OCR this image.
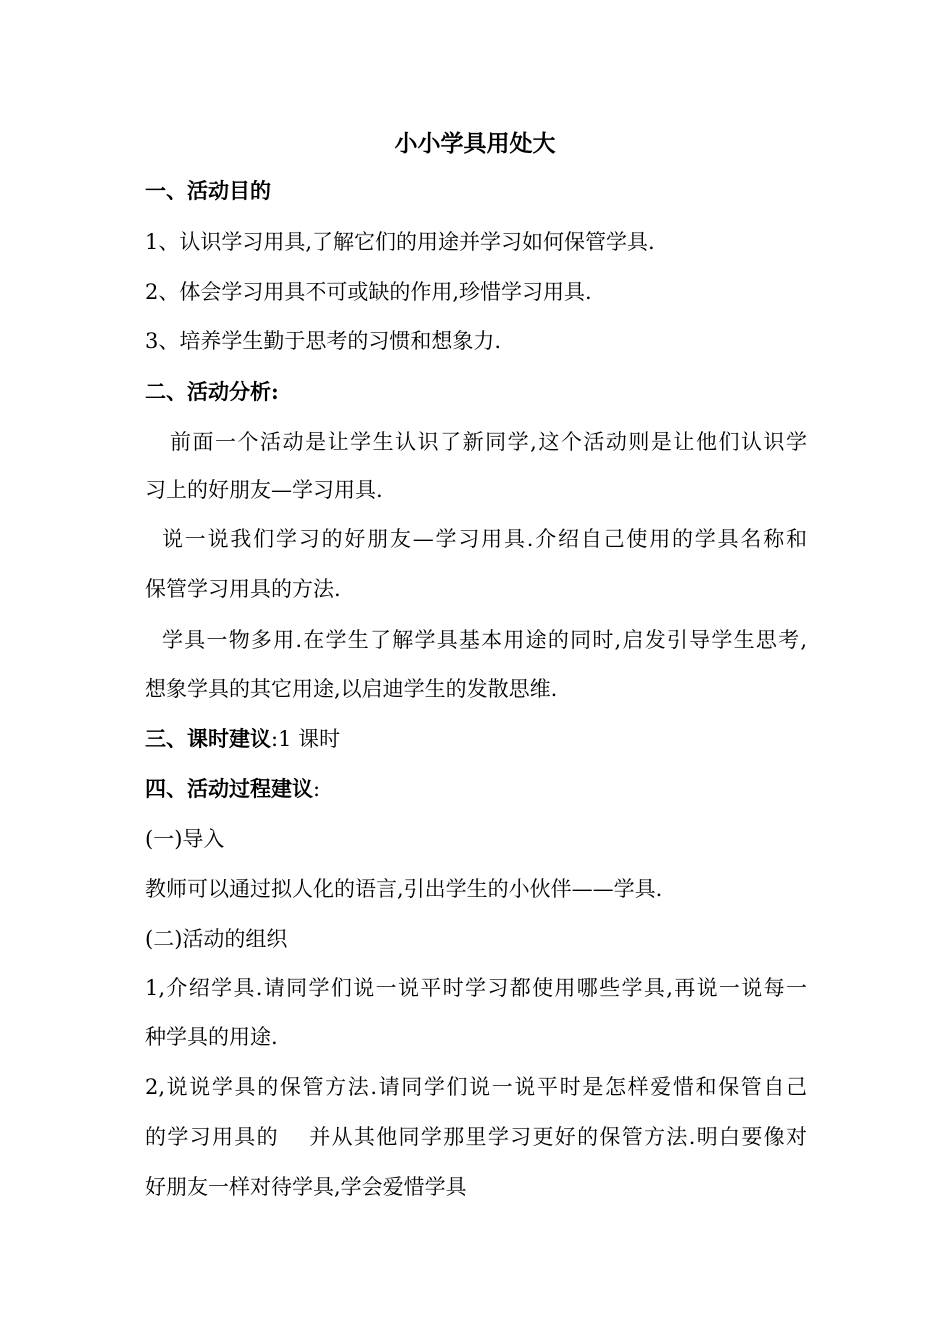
小小学具用处大
一、活动目的
1、认识学习用具,了解它们的用途并学习如何保管学具.
2、体会学习用具不可或缺的作用,珍惜学习用具.
3、培养学生勤于思考的习惯和想象力.
二、活动分析:
前面一个活动是让学生认识了新同学,这个活动则是让他们认识学
习上的好朋友—学习用具.
说一说我们学习的好朋友—学习用具.介绍自己使用的学具名称和
保管学习用具的方法.
学具一物多用.在学生了解学具基本用途的同时,启发引导学生思考,
想象学具的其它用途,以启迪学生的发散思维.
三、课时建议:1 课时
四、活动过程建议:
(一)导入
教师可以通过拟人化的语言,引出学生的小伙伴——学具.
(二)活动的组织
1,介绍学具.请同学们说一说平时学习都使用哪些学具,再说一说每一
种学具的用途.
2,说说学具的保管方法.请同学们说一说平时是怎样爱惜和保管自己
的学习用具的　 并从其他同学那里学习更好的保管方法.明白要像对
好朋友一样对待学具,学会爱惜学具
